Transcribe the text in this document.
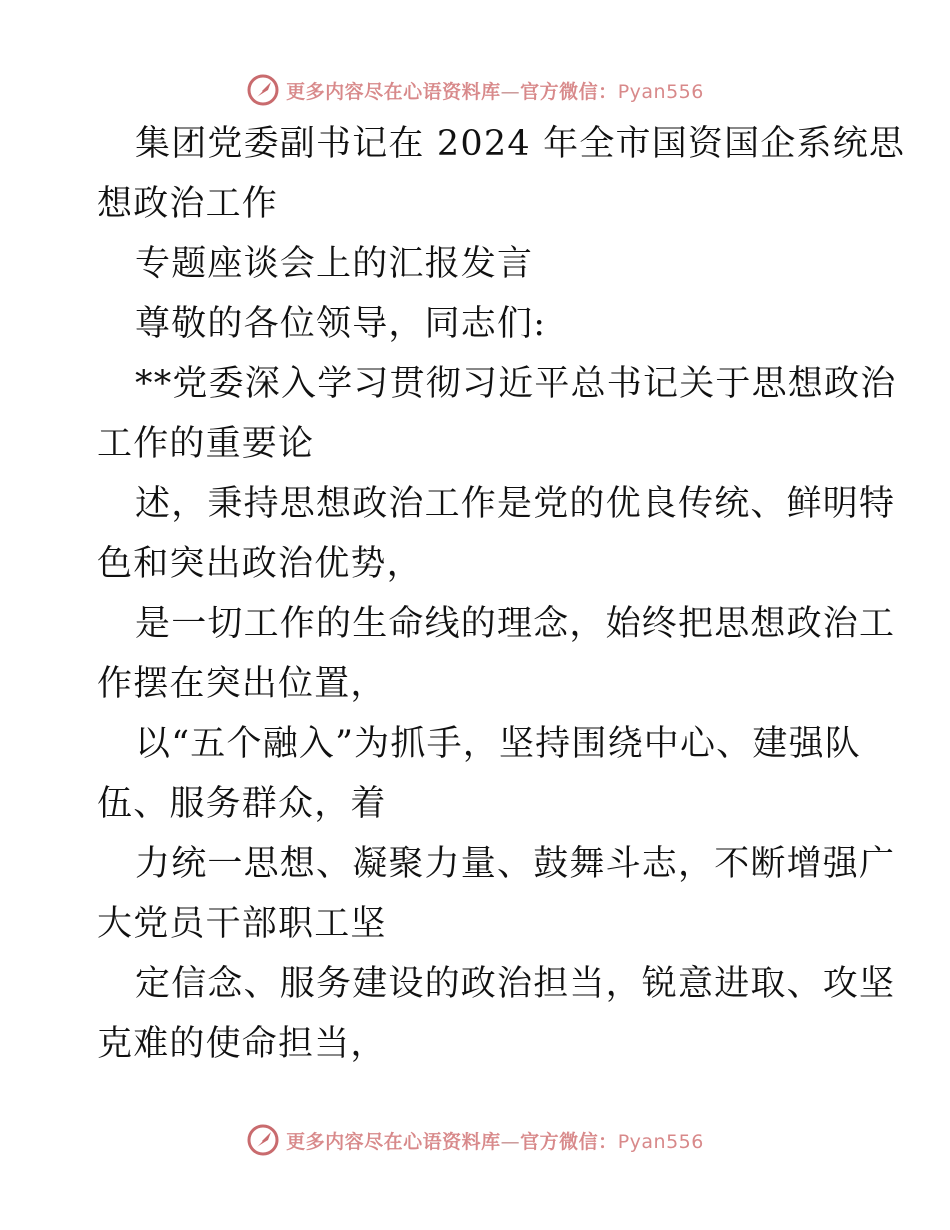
更多内容尽在心语资料库—官方微信：Pyan556
集团党委副书记在 2024 年全市国资国企系统思
想政治工作
专题座谈会上的汇报发言
尊敬的各位领导，同志们:
**党委深入学习贯彻习近平总书记关于思想政治
工作的重要论
述，秉持思想政治工作是党的优良传统、鲜明特
色和突出政治优势，
是一切工作的生命线的理念，始终把思想政治工
作摆在突出位置，
以“五个融入”为抓手，坚持围绕中心、建强队
伍、服务群众，着
力统一思想、凝聚力量、鼓舞斗志，不断增强广
大党员干部职工坚
定信念、服务建设的政治担当，锐意进取、攻坚
克难的使命担当，
更多内容尽在心语资料库—官方微信：Pyan556
